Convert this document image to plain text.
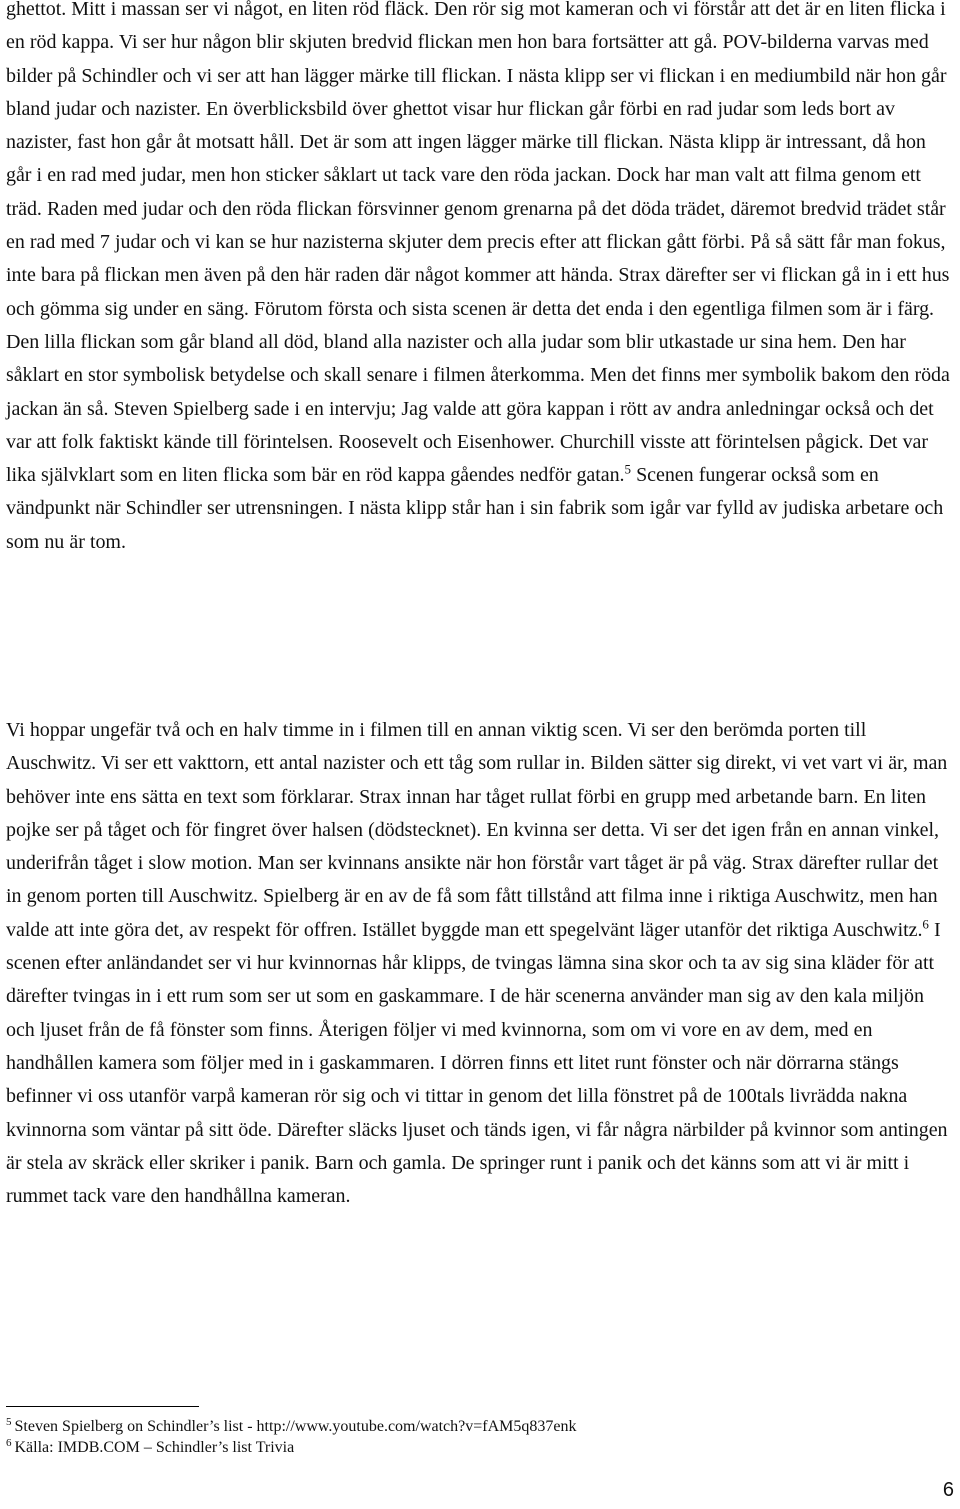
ghettot. Mitt i massan ser vi något, en liten röd fläck. Den rör sig mot kameran och vi förstår att det är en liten flicka i en röd kappa. Vi ser hur någon blir skjuten bredvid flickan men hon bara fortsätter att gå. POV-bilderna varvas med bilder på Schindler och vi ser att han lägger märke till flickan. I nästa klipp ser vi flickan i en mediumbild när hon går bland judar och nazister. En överblicksbild över ghettot visar hur flickan går förbi en rad judar som leds bort av nazister, fast hon går åt motsatt håll. Det är som att ingen lägger märke till flickan. Nästa klipp är intressant, då hon går i en rad med judar, men hon sticker såklart ut tack vare den röda jackan. Dock har man valt att filma genom ett träd. Raden med judar och den röda flickan försvinner genom grenarna på det döda trädet, däremot bredvid trädet står en rad med 7 judar och vi kan se hur nazisterna skjuter dem precis efter att flickan gått förbi. På så sätt får man fokus, inte bara på flickan men även på den här raden där något kommer att hända. Strax därefter ser vi flickan gå in i ett hus och gömma sig under en säng. Förutom första och sista scenen är detta det enda i den egentliga filmen som är i färg. Den lilla flickan som går bland all död, bland alla nazister och alla judar som blir utkastade ur sina hem. Den har såklart en stor symbolisk betydelse och skall senare i filmen återkomma. Men det finns mer symbolik bakom den röda jackan än så. Steven Spielberg sade i en intervju; Jag valde att göra kappan i rött av andra anledningar också och det var att folk faktiskt kände till förintelsen. Roosevelt och Eisenhower. Churchill visste att förintelsen pågick. Det var lika självklart som en liten flicka som bär en röd kappa gåendes nedför gatan.$^5$ Scenen fungerar också som en vändpunkt när Schindler ser utrensningen. I nästa klipp står han i sin fabrik som igår var fylld av judiska arbetare och som nu är tom.

Vi hoppar ungefär två och en halv timme in i filmen till en annan viktig scen. Vi ser den berömda porten till Auschwitz. Vi ser ett vakttorn, ett antal nazister och ett tåg som rullar in. Bilden sätter sig direkt, vi vet vart vi är, man behöver inte ens sätta en text som förklarar. Strax innan har tåget rullat förbi en grupp med arbetande barn. En liten pojke ser på tåget och för fingret över halsen (dödstecknet). En kvinna ser detta. Vi ser det igen från en annan vinkel, underifrån tåget i slow motion. Man ser kvinnans ansikte när hon förstår vart tåget är på väg. Strax därefter rullar det in genom porten till Auschwitz. Spielberg är en av de få som fått tillstånd att filma inne i riktiga Auschwitz, men han valde att inte göra det, av respekt för offren. Istället byggde man ett spegelvänt läger utanför det riktiga Auschwitz.$^6$ I scenen efter anländandet ser vi hur kvinnornas hår klipps, de tvingas lämna sina skor och ta av sig sina kläder för att därefter tvingas in i ett rum som ser ut som en gaskammare. I de här scenerna använder man sig av den kala miljön och ljuset från de få fönster som finns. Återigen följer vi med kvinnorna, som om vi vore en av dem, med en handhållen kamera som följer med in i gaskammaren. I dörren finns ett litet runt fönster och när dörrarna stängs befinner vi oss utanför varpå kameran rör sig och vi tittar in genom det lilla fönstret på de 100tals livrädda nakna kvinnorna som väntar på sitt öde. Därefter släcks ljuset och tänds igen, vi får några närbilder på kvinnor som antingen är stela av skräck eller skriker i panik. Barn och gamla. De springer runt i panik och det känns som att vi är mitt i rummet tack vare den handhållna kameran.

$^5$ Steven Spielberg on Schindler’s list - http://www.youtube.com/watch?v=fAM5q837enk

$^6$ Källa: IMDB.COM – Schindler’s list Trivia

6
